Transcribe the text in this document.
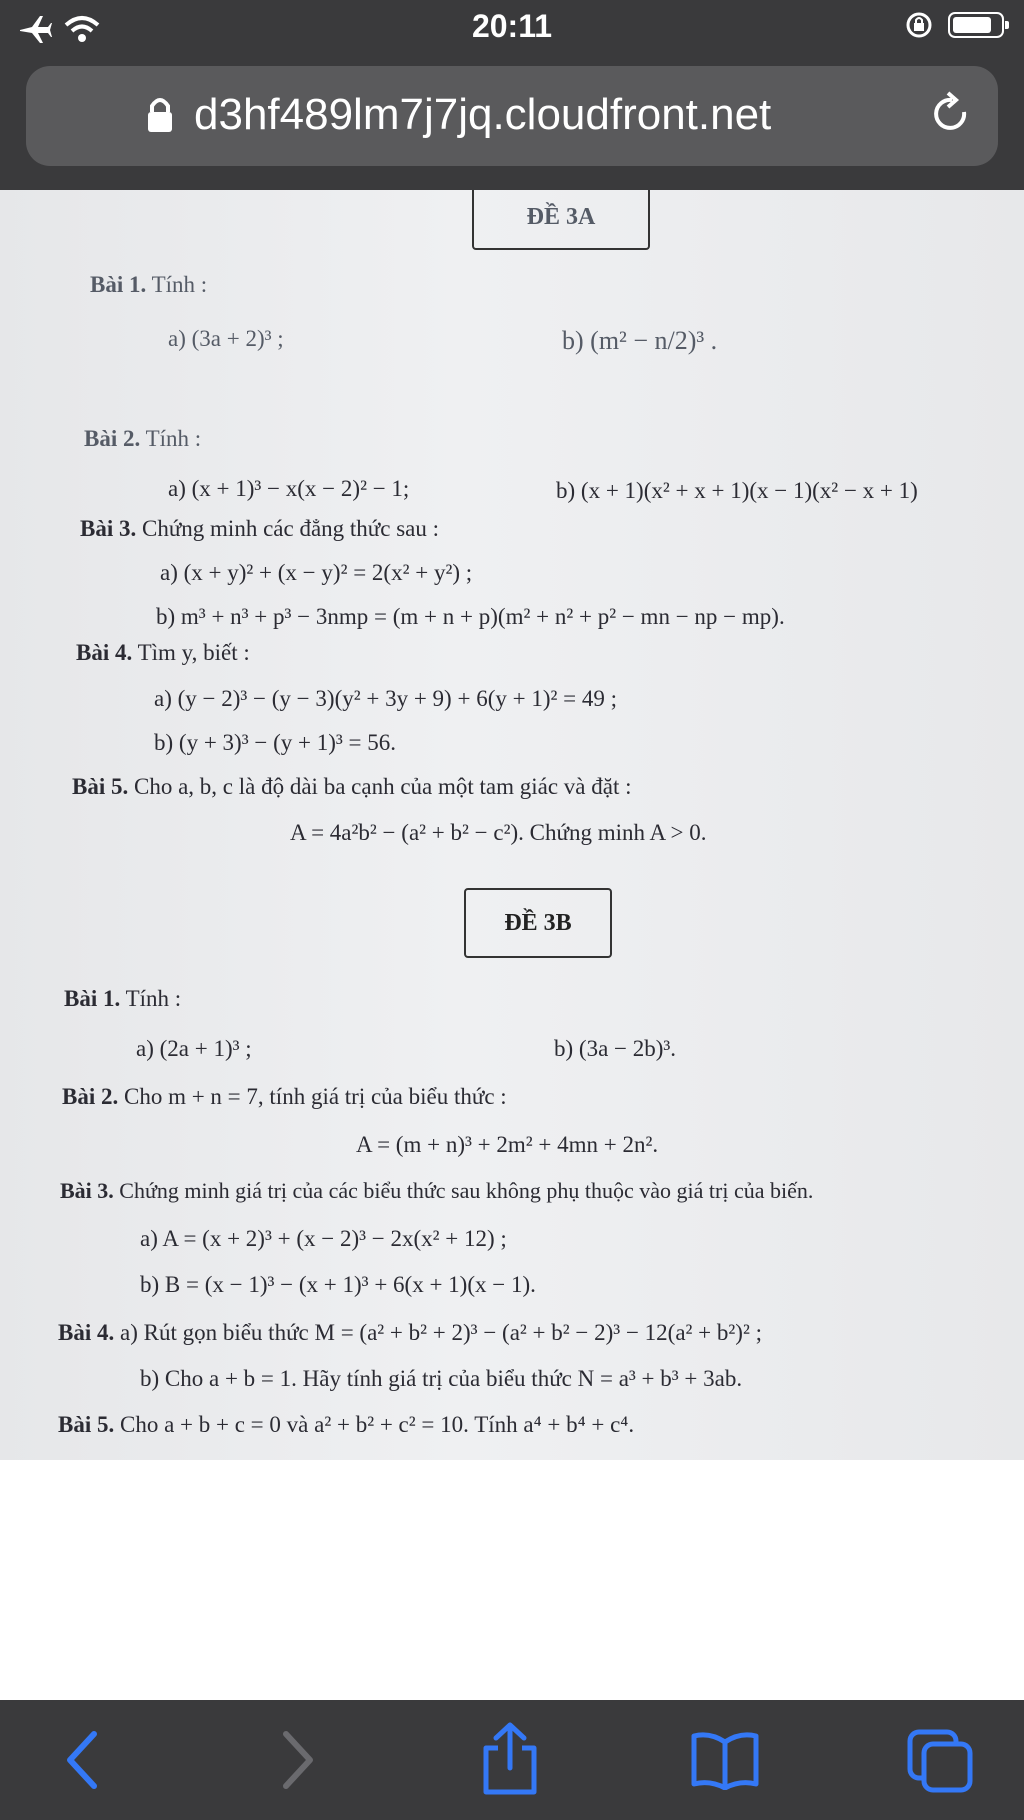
20:11
d3hf489lm7j7jq.cloudfront.net
ĐỀ 3A
Bài 1. Tính :
a) (3a + 2)³ ;	b) (m² − n/2)³ .
Bài 2. Tính :
a) (x + 1)³ − x(x − 2)² − 1;	b) (x + 1)(x² + x + 1)(x − 1)(x² − x + 1)
Bài 3. Chứng minh các đẳng thức sau :
a) (x + y)² + (x − y)² = 2(x² + y²) ;
b) m³ + n³ + p³ − 3nmp = (m + n + p)(m² + n² + p² − mn − np − mp).
Bài 4. Tìm y, biết :
a) (y − 2)³ − (y − 3)(y² + 3y + 9) + 6(y + 1)² = 49 ;
b) (y + 3)³ − (y + 1)³ = 56.
Bài 5. Cho a, b, c là độ dài ba cạnh của một tam giác và đặt :
A = 4a²b² − (a² + b² − c²). Chứng minh A > 0.
ĐỀ 3B
Bài 1. Tính :
a) (2a + 1)³ ;	b) (3a − 2b)³.
Bài 2. Cho m + n = 7, tính giá trị của biểu thức :
A = (m + n)³ + 2m² + 4mn + 2n².
Bài 3. Chứng minh giá trị của các biểu thức sau không phụ thuộc vào giá trị của biến.
a) A = (x + 2)³ + (x − 2)³ − 2x(x² + 12) ;
b) B = (x − 1)³ − (x + 1)³ + 6(x + 1)(x − 1).
Bài 4. a) Rút gọn biểu thức M = (a² + b² + 2)³ − (a² + b² − 2)³ − 12(a² + b²)² ;
b) Cho a + b = 1. Hãy tính giá trị của biểu thức N = a³ + b³ + 3ab.
Bài 5. Cho a + b + c = 0 và a² + b² + c² = 10. Tính a⁴ + b⁴ + c⁴.
